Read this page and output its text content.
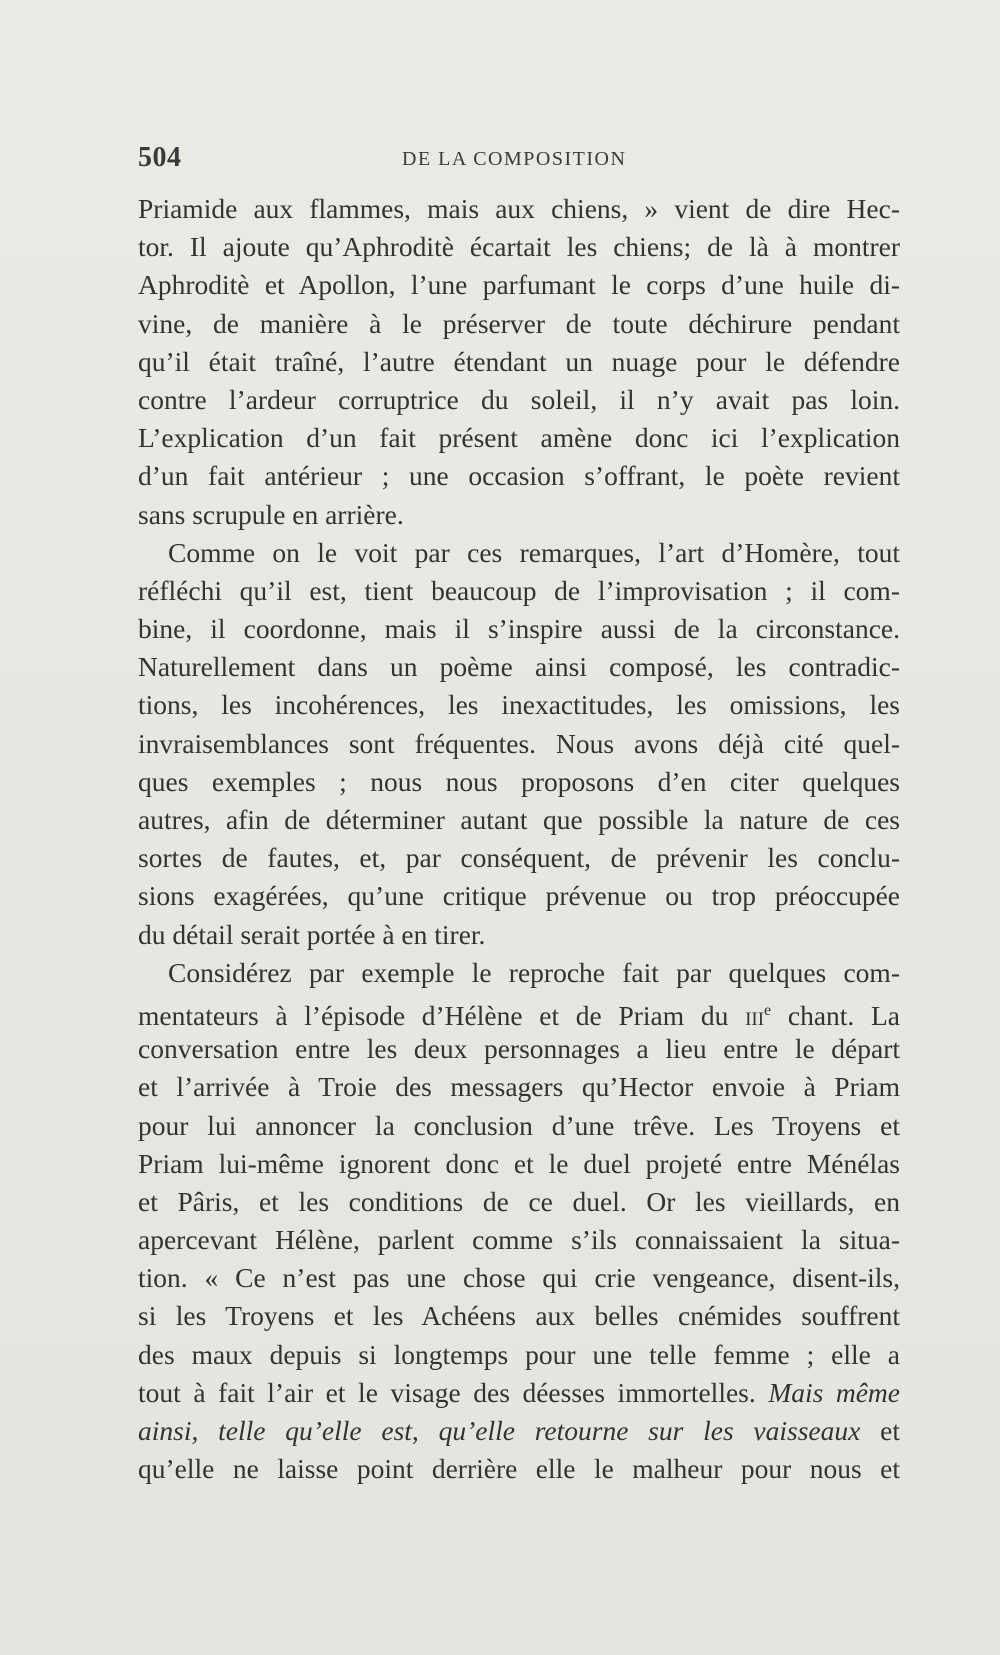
504	DE LA COMPOSITION
Priamide aux flammes, mais aux chiens, » vient de dire Hec-
tor. Il ajoute qu’Aphroditè écartait les chiens; de là à montrer
Aphroditè et Apollon, l’une parfumant le corps d’une huile di-
vine, de manière à le préserver de toute déchirure pendant
qu’il était traîné, l’autre étendant un nuage pour le défendre
contre l’ardeur corruptrice du soleil, il n’y avait pas loin.
L’explication d’un fait présent amène donc ici l’explication
d’un fait antérieur ; une occasion s’offrant, le poète revient
sans scrupule en arrière.
Comme on le voit par ces remarques, l’art d’Homère, tout
réfléchi qu’il est, tient beaucoup de l’improvisation ; il com-
bine, il coordonne, mais il s’inspire aussi de la circonstance.
Naturellement dans un poème ainsi composé, les contradic-
tions, les incohérences, les inexactitudes, les omissions, les
invraisemblances sont fréquentes. Nous avons déjà cité quel-
ques exemples ; nous nous proposons d’en citer quelques
autres, afin de déterminer autant que possible la nature de ces
sortes de fautes, et, par conséquent, de prévenir les conclu-
sions exagérées, qu’une critique prévenue ou trop préoccupée
du détail serait portée à en tirer.
Considérez par exemple le reproche fait par quelques com-
mentateurs à l’épisode d’Hélène et de Priam du iii$^e$ chant. La
conversation entre les deux personnages a lieu entre le départ
et l’arrivée à Troie des messagers qu’Hector envoie à Priam
pour lui annoncer la conclusion d’une trêve. Les Troyens et
Priam lui-même ignorent donc et le duel projeté entre Ménélas
et Pâris, et les conditions de ce duel. Or les vieillards, en
apercevant Hélène, parlent comme s’ils connaissaient la situa-
tion. « Ce n’est pas une chose qui crie vengeance, disent-ils,
si les Troyens et les Achéens aux belles cnémides souffrent
des maux depuis si longtemps pour une telle femme ; elle a
tout à fait l’air et le visage des déesses immortelles. Mais même
ainsi, telle qu’elle est, qu’elle retourne sur les vaisseaux et
qu’elle ne laisse point derrière elle le malheur pour nous et
